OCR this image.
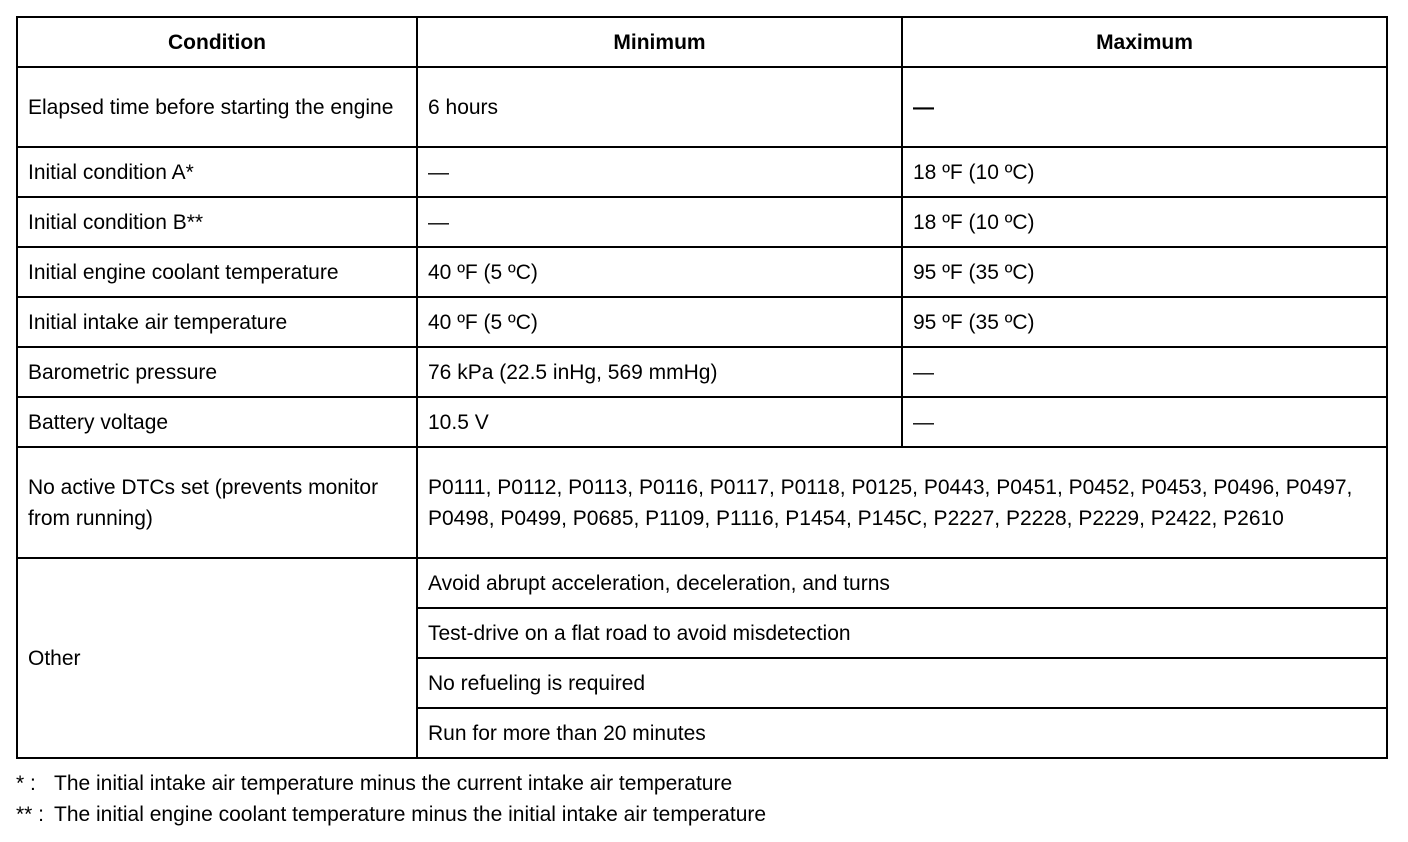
Condition	Minimum	Maximum
Elapsed time before starting the engine	6 hours	—
Initial condition A*	—	18 ºF (10 ºC)
Initial condition B**	—	18 ºF (10 ºC)
Initial engine coolant temperature	40 ºF (5 ºC)	95 ºF (35 ºC)
Initial intake air temperature	40 ºF (5 ºC)	95 ºF (35 ºC)
Barometric pressure	76 kPa (22.5 inHg, 569 mmHg)	—
Battery voltage	10.5 V	—
No active DTCs set (prevents monitor from running)	P0111, P0112, P0113, P0116, P0117, P0118, P0125, P0443, P0451, P0452, P0453, P0496, P0497, P0498, P0499, P0685, P1109, P1116, P1454, P145C, P2227, P2228, P2229, P2422, P2610	
Other	Avoid abrupt acceleration, deceleration, and turns	
	Test-drive on a flat road to avoid misdetection	
	No refueling is required	
	Run for more than 20 minutes	
* : The initial intake air temperature minus the current intake air temperature
** : The initial engine coolant temperature minus the initial intake air temperature
